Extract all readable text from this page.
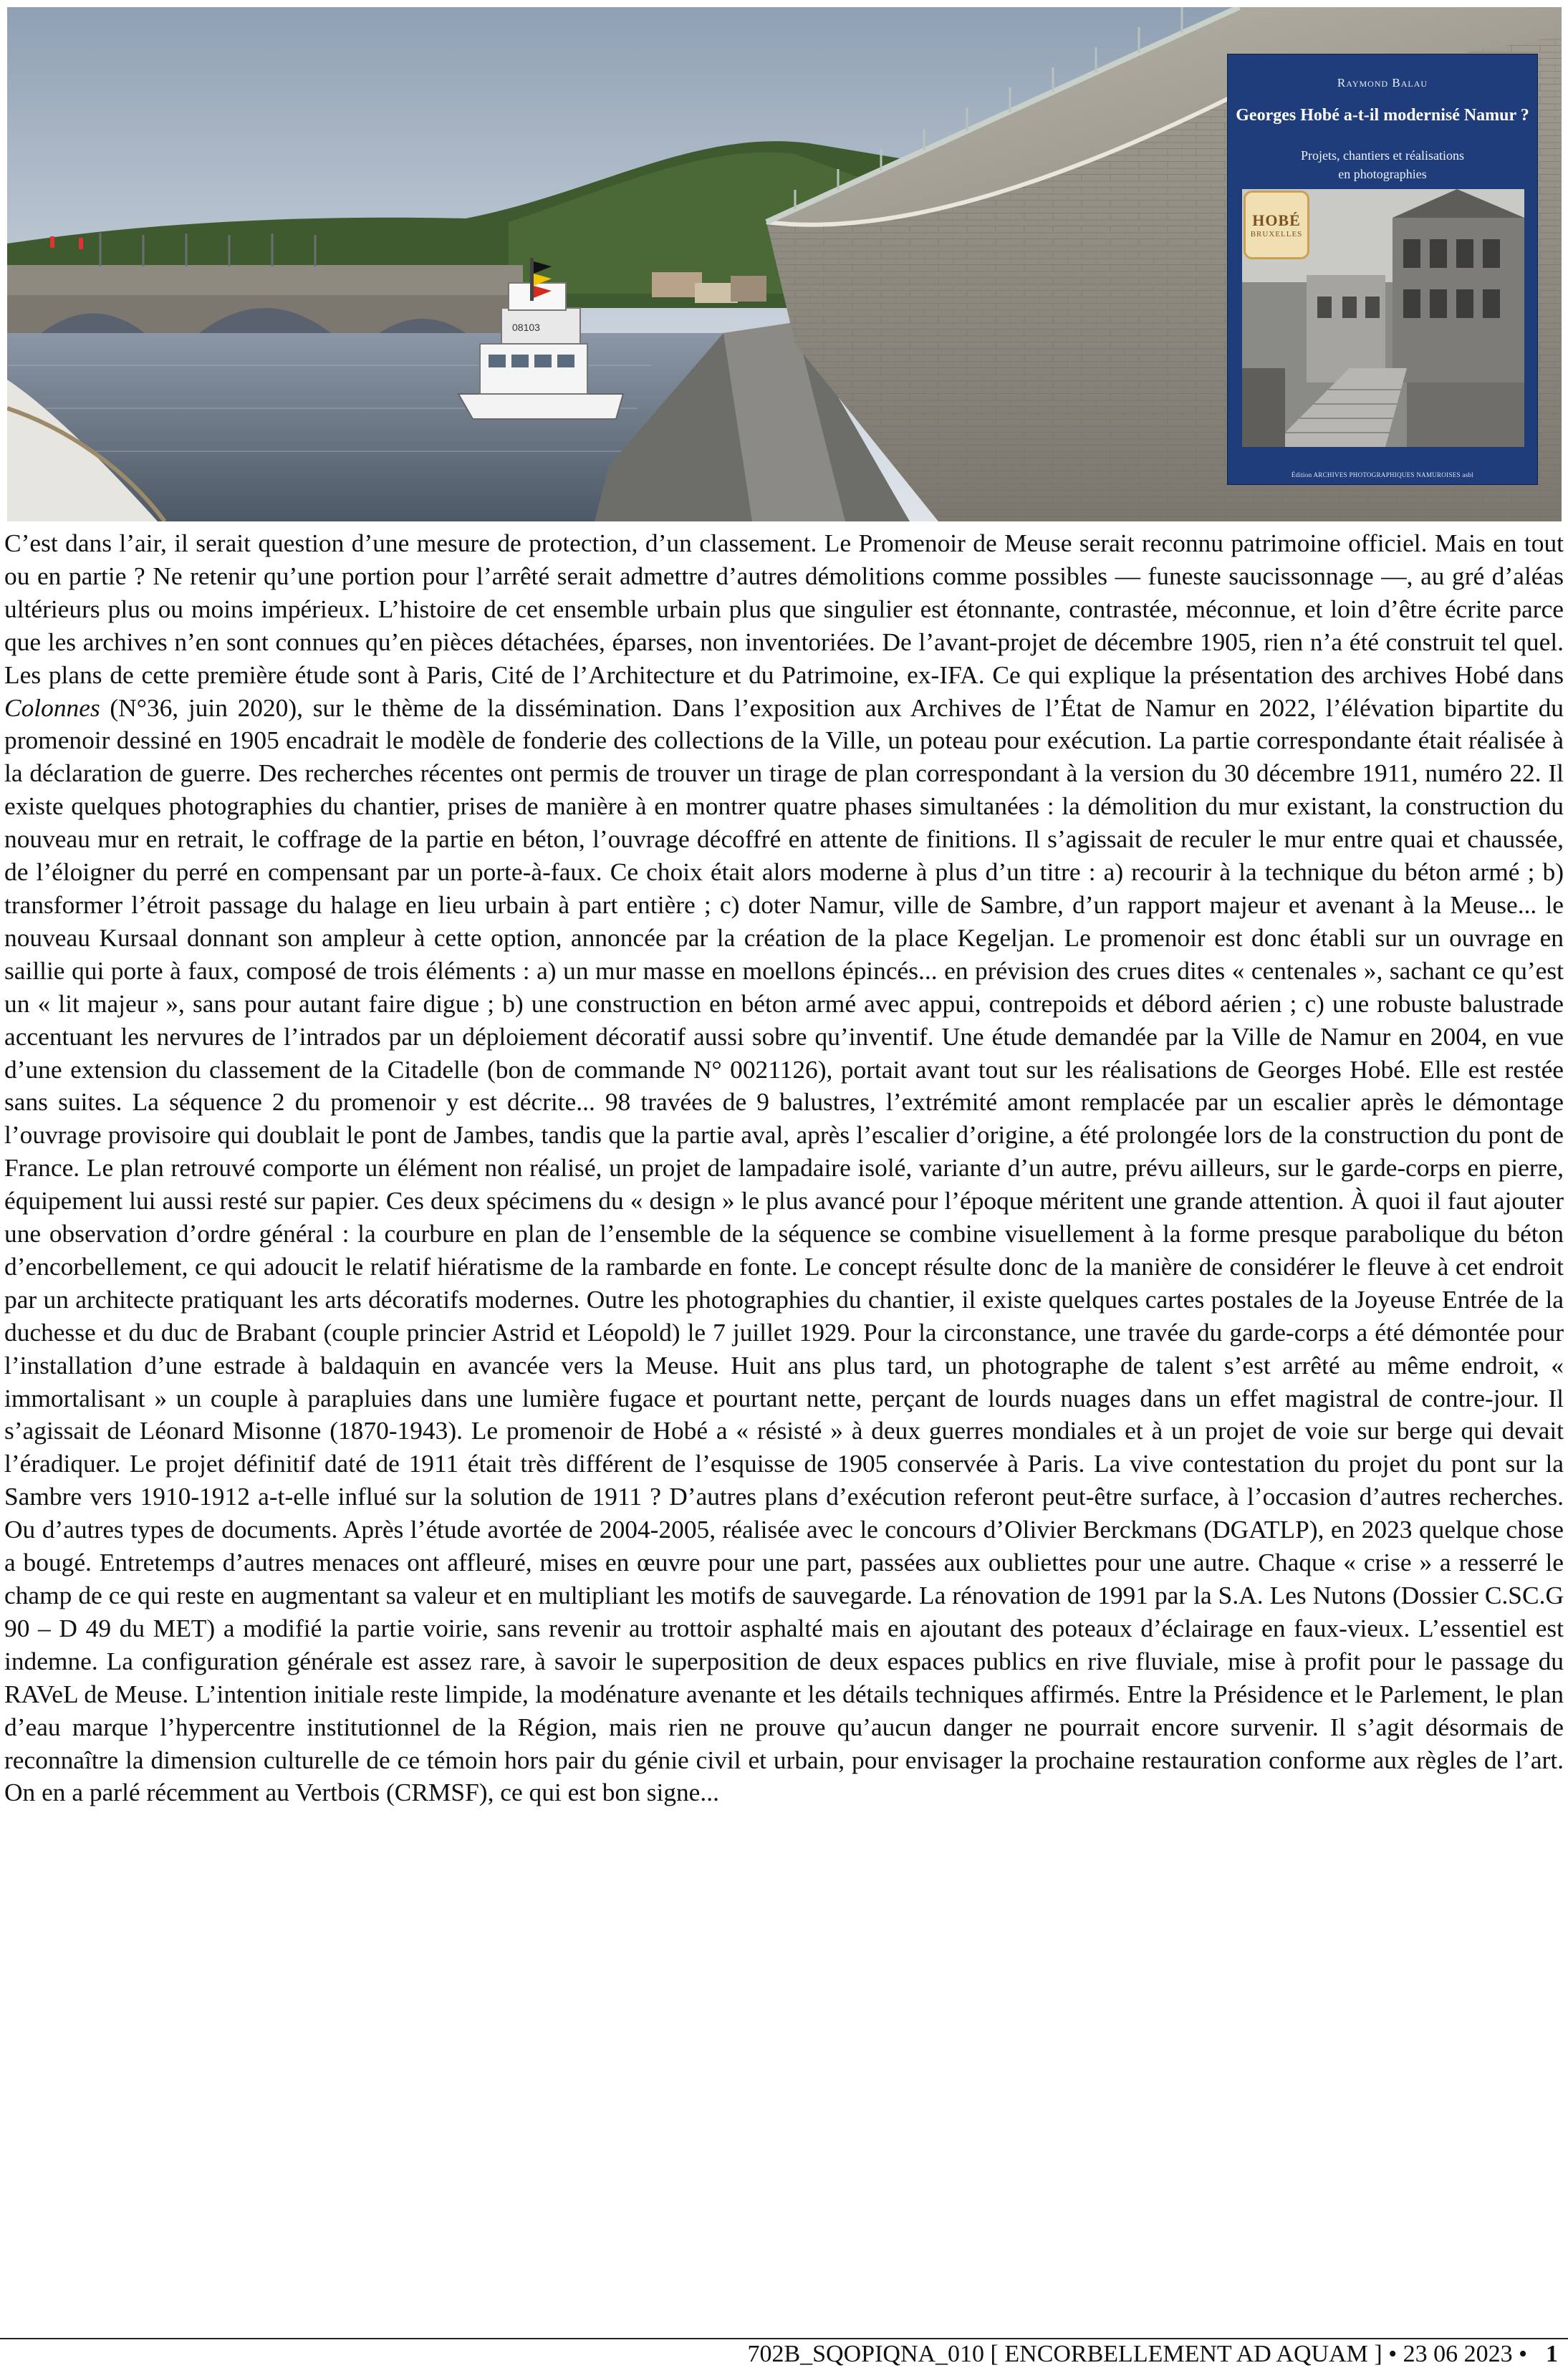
08103
Raymond Balau
Georges Hobé a-t-il modernisé Namur ?
Projets, chantiers et réalisations
en photographies
HOBÉ
BRUXELLES
Édition ARCHIVES PHOTOGRAPHIQUES NAMUROISES asbl

C’est dans l’air, il serait question d’une mesure de protection, d’un classement. Le Promenoir de Meuse serait reconnu patrimoine officiel. Mais en tout ou en partie ? Ne retenir qu’une portion pour l’arrêté serait admettre d’autres démolitions comme possibles — funeste saucissonnage —, au gré d’aléas ultérieurs plus ou moins impérieux. L’histoire de cet ensemble urbain plus que singulier est étonnante, contrastée, méconnue, et loin d’être écrite parce que les archives n’en sont connues qu’en pièces détachées, éparses, non inventoriées. De l’avant-projet de décembre 1905, rien n’a été construit tel quel. Les plans de cette première étude sont à Paris, Cité de l’Architecture et du Patrimoine, ex-IFA. Ce qui explique la présentation des archives Hobé dans Colonnes (N°36, juin 2020), sur le thème de la dissémination. Dans l’exposition aux Archives de l’État de Namur en 2022, l’élévation bipartite du promenoir dessiné en 1905 encadrait le modèle de fonderie des collections de la Ville, un poteau pour exécution. La partie correspondante était réalisée à la déclaration de guerre. Des recherches récentes ont permis de trouver un tirage de plan correspondant à la version du 30 décembre 1911, numéro 22. Il existe quelques photographies du chantier, prises de manière à en montrer quatre phases simultanées : la démolition du mur existant, la construction du nouveau mur en retrait, le coffrage de la partie en béton, l’ouvrage décoffré en attente de finitions. Il s’agissait de reculer le mur entre quai et chaussée, de l’éloigner du perré en compensant par un porte-à-faux. Ce choix était alors moderne à plus d’un titre : a) recourir à la technique du béton armé ; b) transformer l’étroit passage du halage en lieu urbain à part entière ; c) doter Namur, ville de Sambre, d’un rapport majeur et avenant à la Meuse... le nouveau Kursaal donnant son ampleur à cette option, annoncée par la création de la place Kegeljan. Le promenoir est donc établi sur un ouvrage en saillie qui porte à faux, composé de trois éléments : a) un mur masse en moellons épincés... en prévision des crues dites « centenales », sachant ce qu’est un « lit majeur », sans pour autant faire digue ; b) une construction en béton armé avec appui, contrepoids et débord aérien ; c) une robuste balustrade accentuant les nervures de l’intrados par un déploiement décoratif aussi sobre qu’inventif. Une étude demandée par la Ville de Namur en 2004, en vue d’une extension du classement de la Citadelle (bon de commande N° 0021126), portait avant tout sur les réalisations de Georges Hobé. Elle est restée sans suites. La séquence 2 du promenoir y est décrite... 98 travées de 9 balustres, l’extrémité amont remplacée par un escalier après le démontage l’ouvrage provisoire qui doublait le pont de Jambes, tandis que la partie aval, après l’escalier d’origine, a été prolongée lors de la construction du pont de France. Le plan retrouvé comporte un élément non réalisé, un projet de lampadaire isolé, variante d’un autre, prévu ailleurs, sur le garde-corps en pierre, équipement lui aussi resté sur papier. Ces deux spécimens du « design » le plus avancé pour l’époque méritent une grande attention. À quoi il faut ajouter une observation d’ordre général : la courbure en plan de l’ensemble de la séquence se combine visuellement à la forme presque parabolique du béton d’encorbellement, ce qui adoucit le relatif hiératisme de la rambarde en fonte. Le concept résulte donc de la manière de considérer le fleuve à cet endroit par un architecte pratiquant les arts décoratifs modernes. Outre les photographies du chantier, il existe quelques cartes postales de la Joyeuse Entrée de la duchesse et du duc de Brabant (couple princier Astrid et Léopold) le 7 juillet 1929. Pour la circonstance, une travée du garde-corps a été démontée pour l’installation d’une estrade à baldaquin en avancée vers la Meuse. Huit ans plus tard, un photographe de talent s’est arrêté au même endroit, « immortalisant » un couple à parapluies dans une lumière fugace et pourtant nette, perçant de lourds nuages dans un effet magistral de contre-jour. Il s’agissait de Léonard Misonne (1870-1943). Le promenoir de Hobé a « résisté » à deux guerres mondiales et à un projet de voie sur berge qui devait l’éradiquer. Le projet définitif daté de 1911 était très différent de l’esquisse de 1905 conservée à Paris. La vive contestation du projet du pont sur la Sambre vers 1910-1912 a-t-elle influé sur la solution de 1911 ? D’autres plans d’exécution referont peut-être surface, à l’occasion d’autres recherches. Ou d’autres types de documents. Après l’étude avortée de 2004-2005, réalisée avec le concours d’Olivier Berckmans (DGATLP), en 2023 quelque chose a bougé. Entretemps d’autres menaces ont affleuré, mises en œuvre pour une part, passées aux oubliettes pour une autre. Chaque « crise » a resserré le champ de ce qui reste en augmentant sa valeur et en multipliant les motifs de sauvegarde. La rénovation de 1991 par la S.A. Les Nutons (Dossier C.SC.G 90 – D 49 du MET) a modifié la partie voirie, sans revenir au trottoir asphalté mais en ajoutant des poteaux d’éclairage en faux-vieux. L’essentiel est indemne. La configuration générale est assez rare, à savoir le superposition de deux espaces publics en rive fluviale, mise à profit pour le passage du RAVeL de Meuse. L’intention initiale reste limpide, la modénature avenante et les détails techniques affirmés. Entre la Présidence et le Parlement, le plan d’eau marque l’hypercentre institutionnel de la Région, mais rien ne prouve qu’aucun danger ne pourrait encore survenir. Il s’agit désormais de reconnaître la dimension culturelle de ce témoin hors pair du génie civil et urbain, pour envisager la prochaine restauration conforme aux règles de l’art. On en a parlé récemment au Vertbois (CRMSF), ce qui est bon signe...

702B_SQOPIQNA_010 [ ENCORBELLEMENT AD AQUAM ] • 23 06 2023 • 1
